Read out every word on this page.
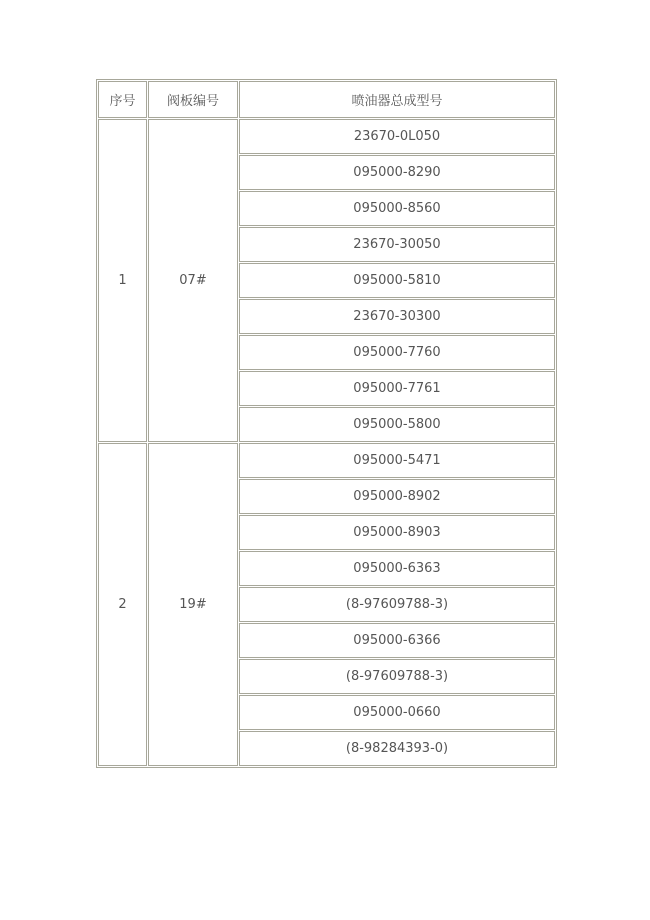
序号	阀板编号	喷油器总成型号
1	07#	23670-0L050
		095000-8290
		095000-8560
		23670-30050
		095000-5810
		23670-30300
		095000-7760
		095000-7761
		095000-5800
2	19#	095000-5471
		095000-8902
		095000-8903
		095000-6363
		(8-97609788-3)
		095000-6366
		(8-97609788-3)
		095000-0660
		(8-98284393-0)
